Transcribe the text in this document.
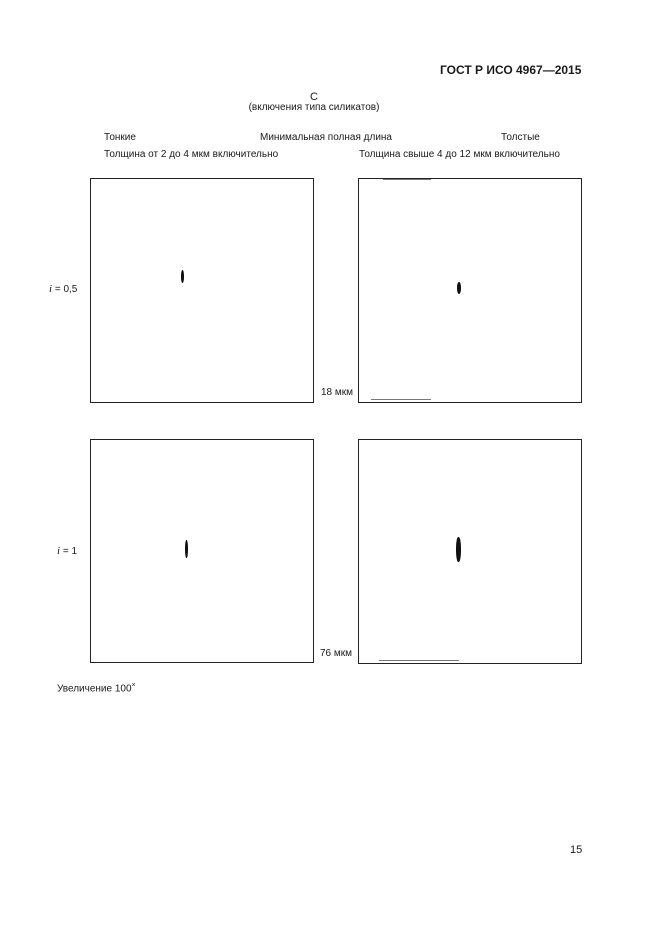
ГОСТ Р ИСО 4967—2015
С
(включения типа силикатов)
Тонкие	Минимальная полная длина	Толстые
Толщина от 2 до 4 мкм включительно	Толщина свыше 4 до 12 мкм включительно
i = 0,5
18 мкм
i = 1
76 мкм
Увеличение 100×
15
